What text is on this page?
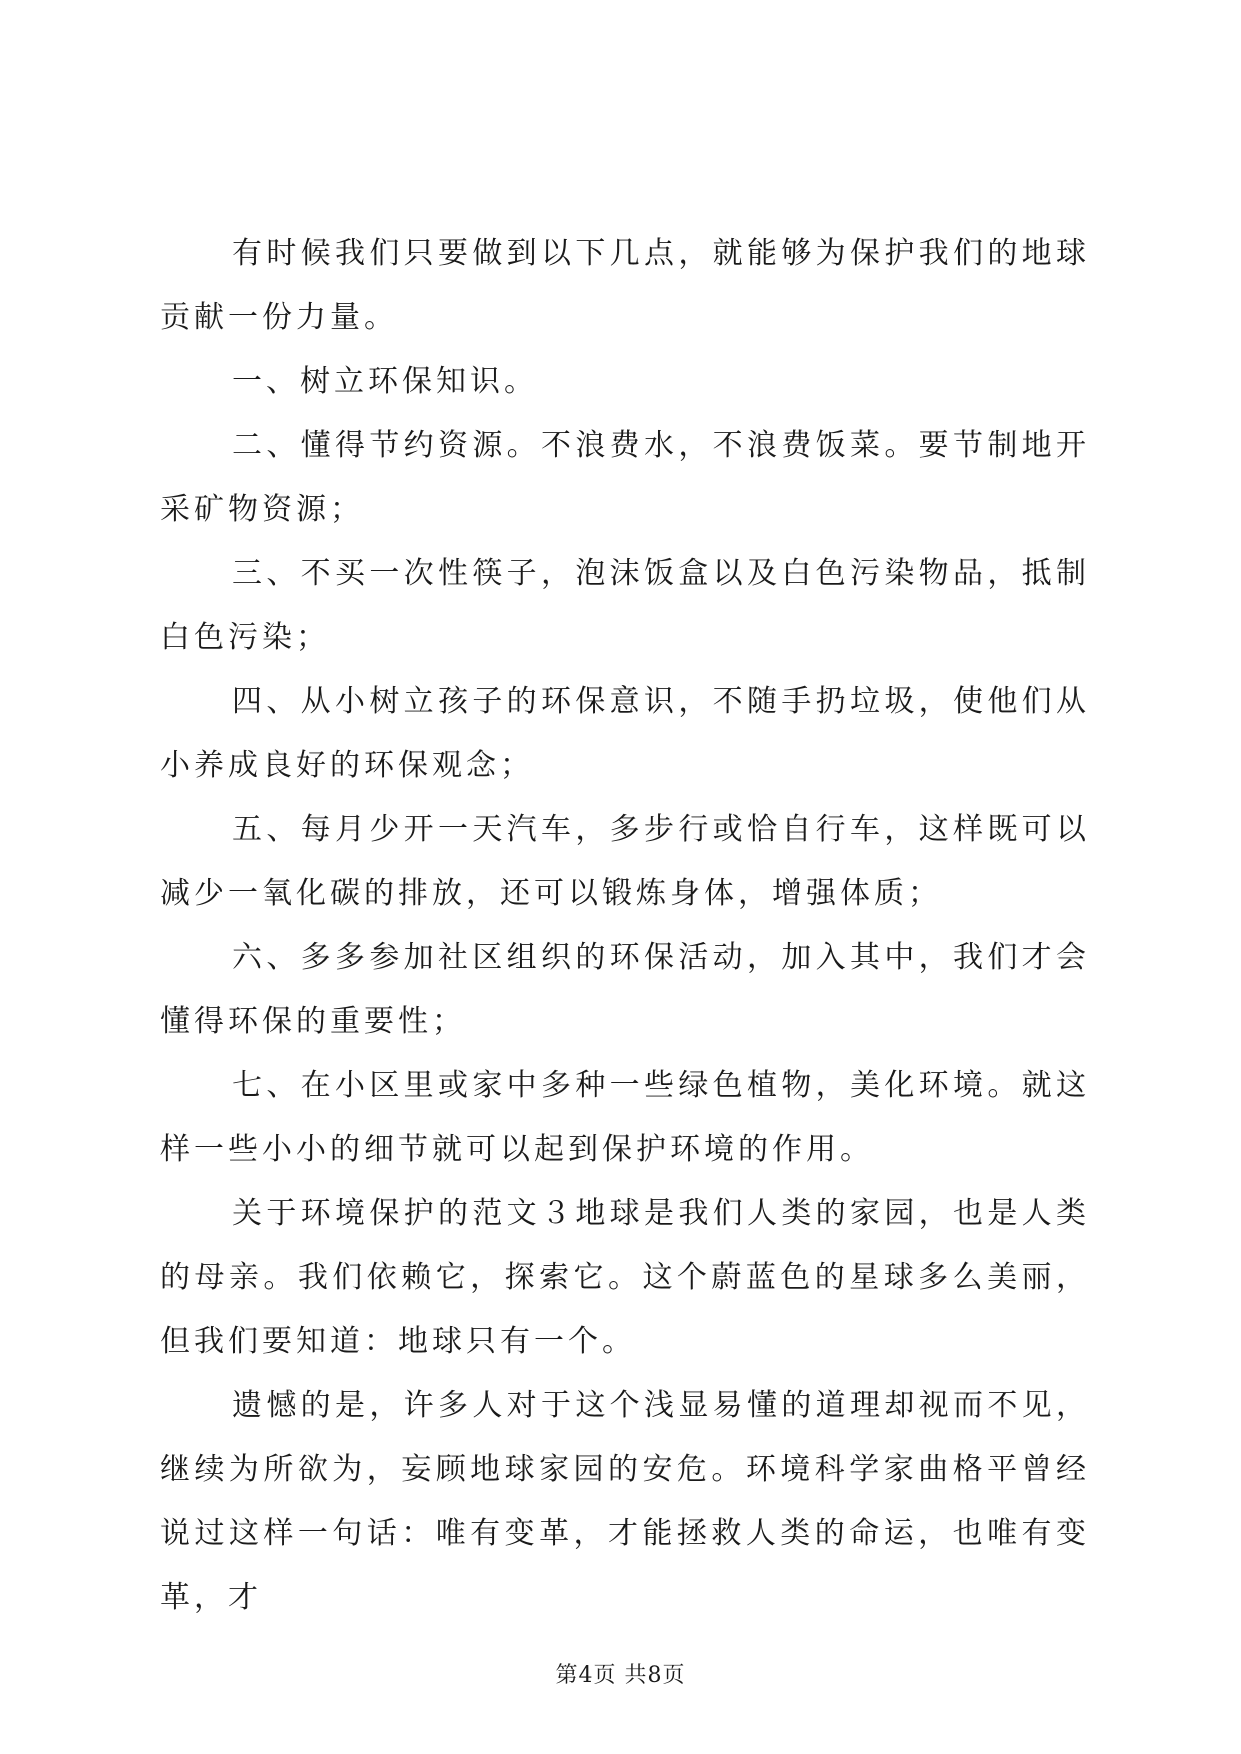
有时候我们只要做到以下几点，就能够为保护我们的地球贡献一份力量。

一、树立环保知识。

二、懂得节约资源。不浪费水，不浪费饭菜。要节制地开采矿物资源；

三、不买一次性筷子，泡沫饭盒以及白色污染物品，抵制白色污染；

四、从小树立孩子的环保意识，不随手扔垃圾，使他们从小养成良好的环保观念；

五、每月少开一天汽车，多步行或恰自行车，这样既可以减少一氧化碳的排放，还可以锻炼身体，增强体质；

六、多多参加社区组织的环保活动，加入其中，我们才会懂得环保的重要性；

七、在小区里或家中多种一些绿色植物，美化环境。就这样一些小小的细节就可以起到保护环境的作用。

关于环境保护的范文３地球是我们人类的家园，也是人类的母亲。我们依赖它，探索它。这个蔚蓝色的星球多么美丽，但我们要知道：地球只有一个。

遗憾的是，许多人对于这个浅显易懂的道理却视而不见，继续为所欲为，妄顾地球家园的安危。环境科学家曲格平曾经说过这样一句话：唯有变革，才能拯救人类的命运，也唯有变革，才

第4页 共8页
